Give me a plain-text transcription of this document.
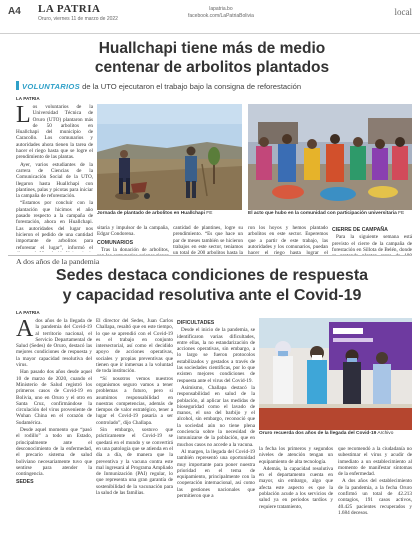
A4 LA PATRIA
Oruro, viernes 11 de marzo de 2022
lapatria.bo
facebook.com/LaPatriaBolivia	local
Huallchapi tiene más de medio
centenar de arbolitos plantados
VOLUNTARIOS de la UTO ejecutaron el trabajo bajo la consigna de reforestación
LA PATRIA

Los voluntarios de la Universidad Técnica de Oruro (UTO) plantaron más de 50 arbolitos en Huallchapi del municipio de Caracollo. Los comunarios y autoridades ahora tienen la tarea de hacer el riego hasta que se logre el prendimiento de las plantas.

Ayer, varios estudiantes de la carrera de Ciencias de la Comunicación Social de la UTO, llegaron hasta Huallchapi con plantines, palas y picotas para iniciar la campaña de reforestación.

“Estamos por concluir con la plantación que hicimos el año pasado respecto a la campaña de forestación, ahora en Huallchapi. Las autoridades del lugar nos hicieron el pedido de una cantidad importante de arbolitos para reforestar el lugar”, informó el

Jornada de plantado de arbolitos en Huallchapi FE	El acto que hubo en la comunidad con participación universitaria FE

sitaria y impulsor de la campaña, Edgar Condorena.

COMUNARIOS

Tras la donación de arbolitos,

cantidad de plantines, logre su prendimiento. “Es que hace un par de meses también se hicieron trabajos en este sector, teníamos un total de 200 arbolitos hasta la

ron los hoyos y hemos plantado arbolitos en este sector. Esperemos que a partir de este trabajo, las autoridades y los comunarios, puedan hacer el riego hasta lograr el

CIERRE DE CAMPAÑA

Para la siguiente semana está previsto el cierre de la campaña de forestación en Sillota de Belén, donde

A dos años de la pandemia
Sedes destaca condiciones de respuesta
y capacidad resolutiva ante el Covid-19
LA PATRIA

Ados años de la llegada de la pandemia del Covid-19 al territorio nacional, el Servicio Departamental de Salud (Sedes) de Oruro, destacó las mejores condiciones de respuesta y la mayor capacidad resolutiva del virus.

Han pasado dos años desde aquel 10 de marzo de 2020, cuando el Ministerio de Salud registró los primeros casos de Covid-19 en Bolivia, uno en Oruro y el otro en Santa Cruz, confirmándose la circulación del virus proveniente de Wuhan China en el corazón de Sudamérica.

Desde aquel momento que “pasó el rodillo” a todo un Estado, principalmente ante el desconocimiento de la enfermedad, el precario sistema de salud boliviano necesariamente tuvo que sentirse para atender la contingencia.

SEDES

El director del Sedes, Juan Carlos Challapa, resaltó que en este tiempo, lo que se aprendió con el Covid-19 es el trabajo en conjunto intersectorial, así como el decidido apoyo de acciones operativas, sociales y propias preventivas que tienen que ir inmersas a la voluntad de toda institución.

“Sí nosotros vemos nuestros organismos seguro vamos a tener problemas a futuro, pero si asumimos responsabilidad en nuestras competencias, además de tiempos de valor estratégico, tener a lugar el Covid-19 pasaría a ser controlado”, dijo Challapa.

Sin embargo, sostuvo que prácticamente el Covid-19 se quedará en el mundo y se convertirá en una patología que se atienda en el día a día, de manera que la preventiva y la vacuna contra este mal ingresará al Programa Ampliado de Inmunización (PAI) regular, lo que representa una gran garantía de sostenibilidad de la vacunación para la salud de las familias.

DIFICULTADES

Desde el inicio de la pandemia, se identificaron varias dificultades, entre ellas, la no estandarización de acciones operativas, sin embargo, a lo largo se fueron protocolos estabilizados y gestados a través de las sociedades científicas, por lo que existen mejores condiciones de respuesta ante el virus del Covid-19.

Asimismo, Challapa destacó la responsabilidad en salud de la población, al aplicar las medidas de bioseguridad como el lavado de manos, el uso del barbijo y el alcohol, sin embargo, reconoció que la sociedad aún no tiene plena conciencia sobre la necesidad de inmunizarse de la población, que en muchos casos no accede a la vacuna.

Al margen, la llegada del Covid-19 también representó una oportunidad muy importante para poner nuestra prioridad en el tema de equipamiento, principalmente con la cooperación internacional, así como las gestiones nacionales que permitieron que a

Oruro recuerda dos años de la llegada del Covid-19 Archivo

la fecha los primeros y segundos niveles de atención tengan un equipamiento de alta tecnología.

Además, la capacidad resolutiva en el departamento cuenta en mayor, sin embargo, algo que afecta este aspecto es que la población acude a los servicios de salud ya en periodos tardíos y requiere tratamiento,

que recomendó a la ciudadanía no subestimar el virus y acudir de inmediato a un establecimiento al momento de manifestar síntomas de la enfermedad.

A dos años del establecimiento de la pandemia, a la fecha Oruro confirmó un total de 42.213 contagios, 191 casos activos, 40.425 pacientes recuperados y 1.684 decesos.
